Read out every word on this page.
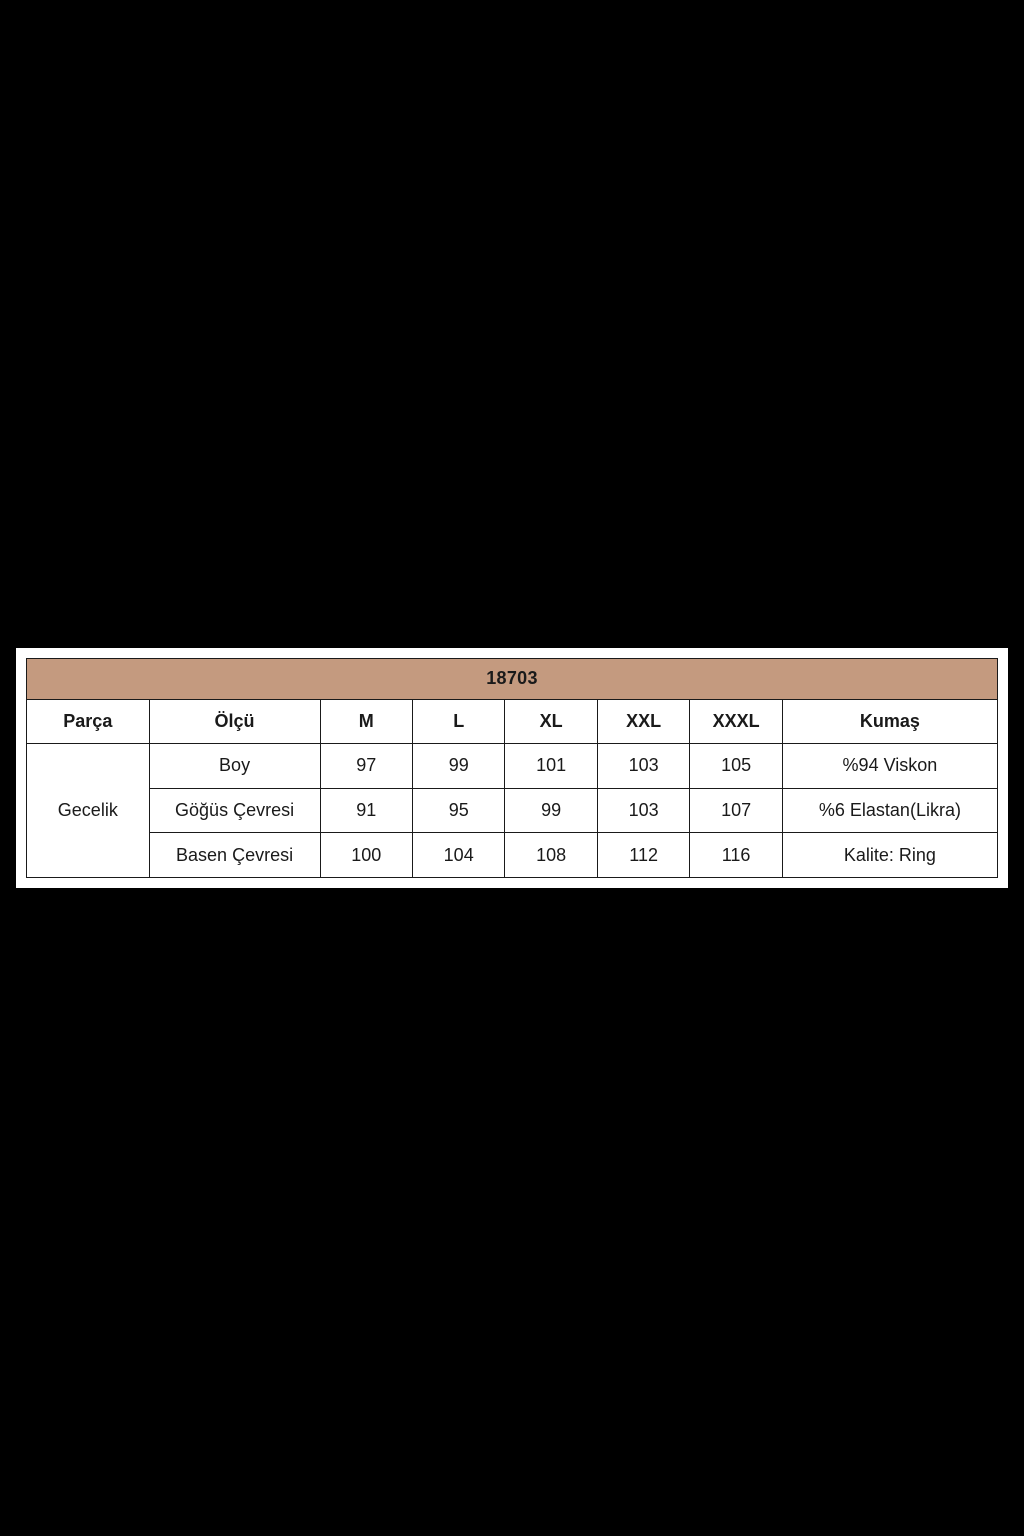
18703							
Parça	Ölçü	M	L	XL	XXL	XXXL	Kumaş
Gecelik	Boy	97	99	101	103	105	%94 Viskon
	Göğüs Çevresi	91	95	99	103	107	%6 Elastan(Likra)
	Basen Çevresi	100	104	108	112	116	Kalite: Ring
